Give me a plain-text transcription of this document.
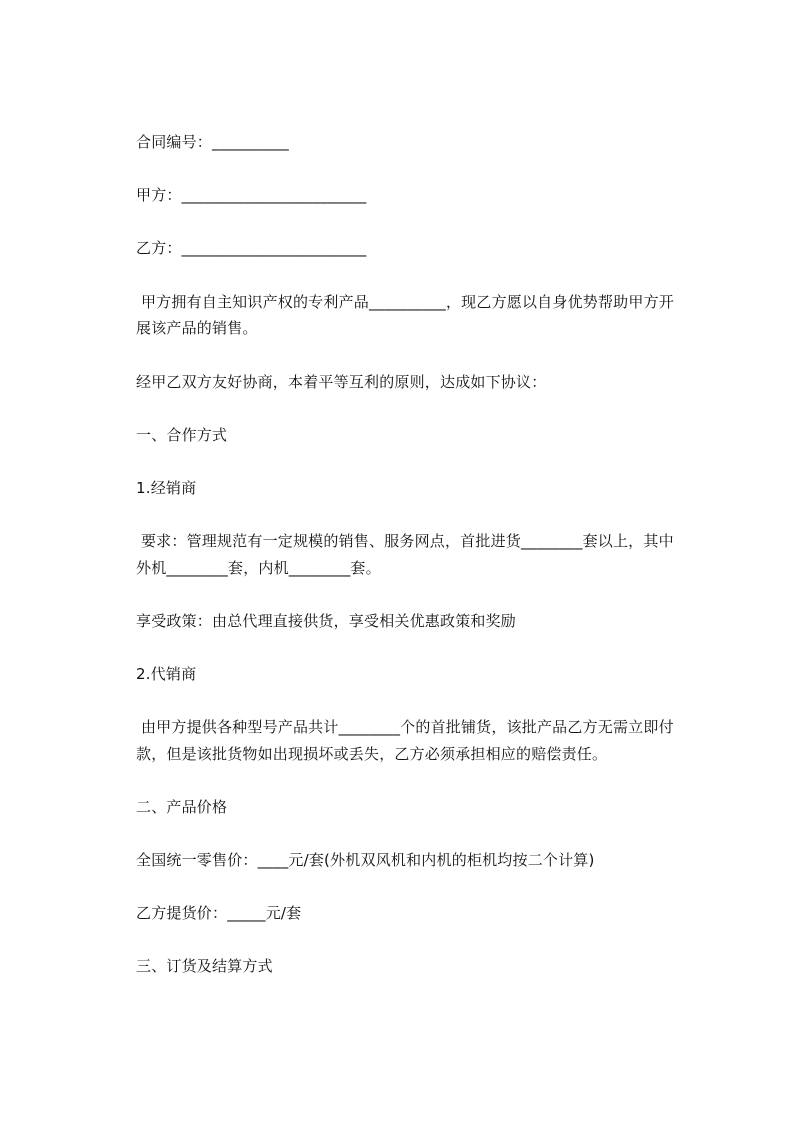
合同编号：__________
甲方：________________________
乙方：________________________
甲方拥有自主知识产权的专利产品__________，现乙方愿以自身优势帮助甲方开
展该产品的销售。
经甲乙双方友好协商，本着平等互利的原则，达成如下协议：
一、合作方式
1.经销商
要求：管理规范有一定规模的销售、服务网点，首批进货________套以上，其中
外机________套，内机________套。
享受政策：由总代理直接供货，享受相关优惠政策和奖励
2.代销商
由甲方提供各种型号产品共计________个的首批铺货，该批产品乙方无需立即付
款，但是该批货物如出现损坏或丢失，乙方必须承担相应的赔偿责任。
二、产品价格
全国统一零售价：____元/套(外机双风机和内机的柜机均按二个计算)
乙方提货价：_____元/套
三、订货及结算方式
